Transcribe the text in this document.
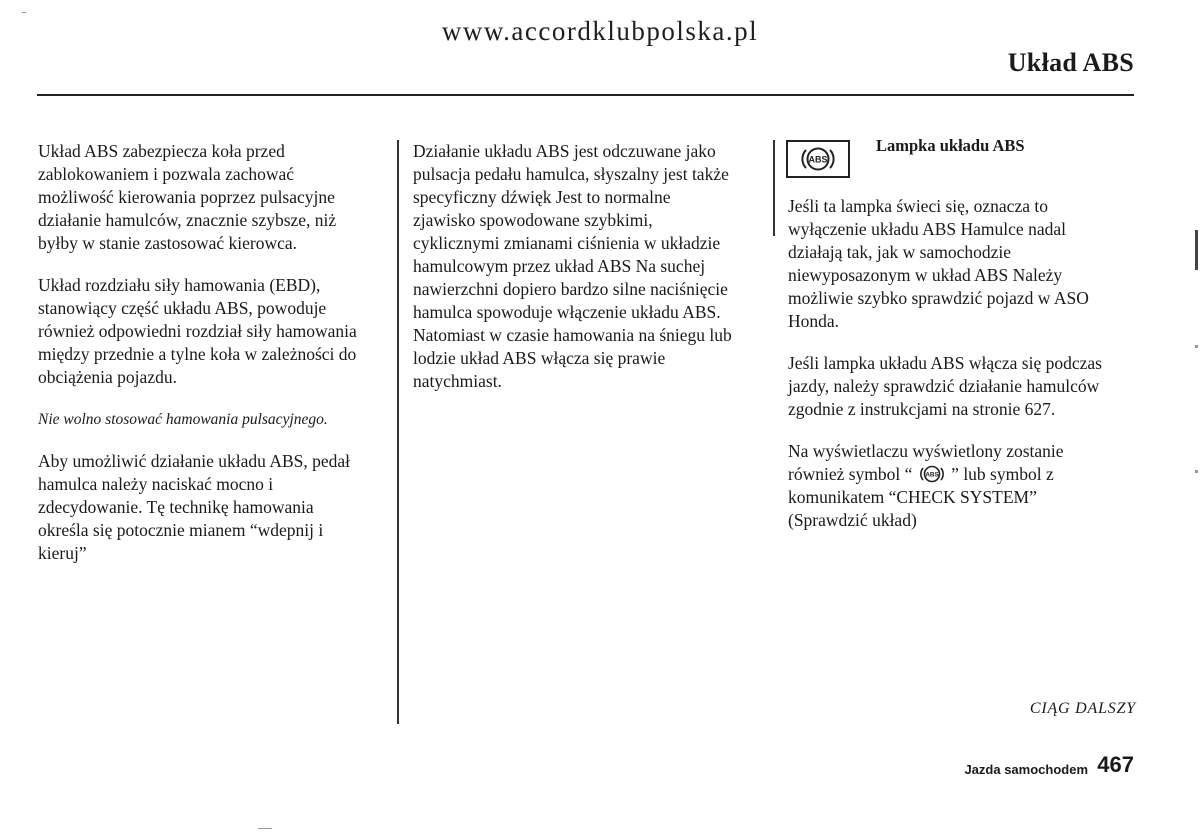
www.accordklubpolska.pl
Układ ABS

Układ ABS zabezpiecza koła przed
zablokowaniem i pozwala zachować
możliwość kierowania poprzez pulsacyjne
działanie hamulców, znacznie szybsze, niż
byłby w stanie zastosować kierowca.

Układ rozdziału siły hamowania (EBD),
stanowiący część układu ABS, powoduje
również odpowiedni rozdział siły hamowania
między przednie a tylne koła w zależności do
obciążenia pojazdu.

Nie wolno stosować hamowania pulsacyjnego.

Aby umożliwić działanie układu ABS, pedał
hamulca należy naciskać mocno i
zdecydowanie. Tę technikę hamowania
określa się potocznie mianem “wdepnij i
kieruj”

Działanie układu ABS jest odczuwane jako
pulsacja pedału hamulca, słyszalny jest także
specyficzny dźwięk Jest to normalne
zjawisko spowodowane szybkimi,
cyklicznymi zmianami ciśnienia w układzie
hamulcowym przez układ ABS Na suchej
nawierzchni dopiero bardzo silne naciśnięcie
hamulca spowoduje włączenie układu ABS.
Natomiast w czasie hamowania na śniegu lub
lodzie układ ABS włącza się prawie
natychmiast.

ABS
Lampka układu ABS

Jeśli ta lampka świeci się, oznacza to
wyłączenie układu ABS Hamulce nadal
działają tak, jak w samochodzie
niewyposazonym w układ ABS Należy
możliwie szybko sprawdzić pojazd w ASO
Honda.

Jeśli lampka układu ABS włącza się podczas
jazdy, należy sprawdzić działanie hamulców
zgodnie z instrukcjami na stronie 627.

Na wyświetlaczu wyświetlony zostanie
również symbol “ ABS ” lub symbol z
komunikatem “CHECK SYSTEM”
(Sprawdzić układ)

CIĄG DALSZY
Jazda samochodem 467
